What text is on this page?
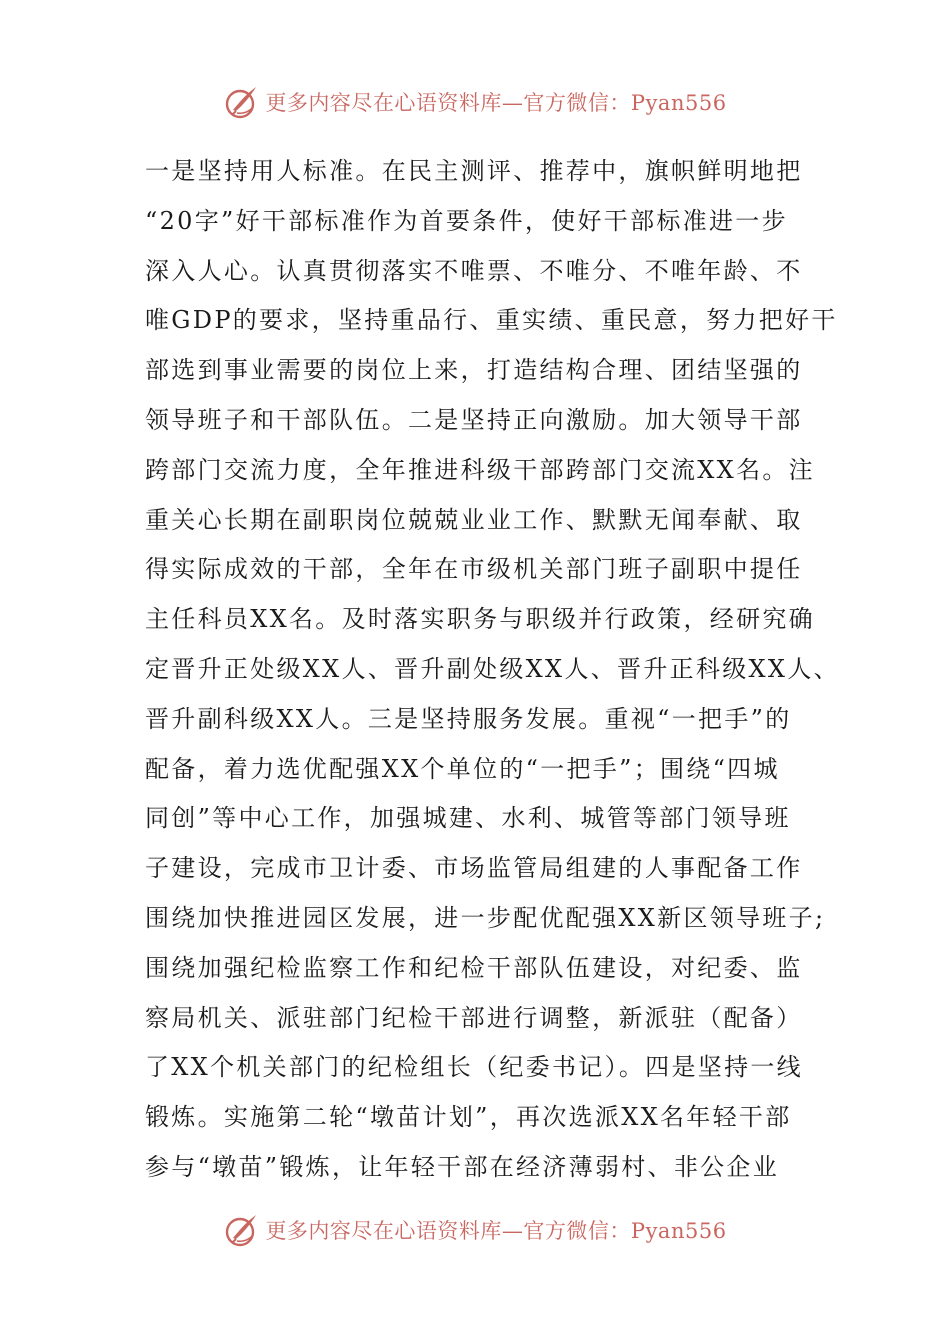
更多内容尽在心语资料库—官方微信：Pyan556
一是坚持用人标准。在民主测评、推荐中，旗帜鲜明地把
“20字”好干部标准作为首要条件，使好干部标准进一步
深入人心。认真贯彻落实不唯票、不唯分、不唯年龄、不
唯GDP的要求，坚持重品行、重实绩、重民意，努力把好干
部选到事业需要的岗位上来，打造结构合理、团结坚强的
领导班子和干部队伍。二是坚持正向激励。加大领导干部
跨部门交流力度，全年推进科级干部跨部门交流XX名。注
重关心长期在副职岗位兢兢业业工作、默默无闻奉献、取
得实际成效的干部，全年在市级机关部门班子副职中提任
主任科员XX名。及时落实职务与职级并行政策，经研究确
定晋升正处级XX人、晋升副处级XX人、晋升正科级XX人、
晋升副科级XX人。三是坚持服务发展。重视“一把手”的
配备，着力选优配强XX个单位的“一把手”；围绕“四城
同创”等中心工作，加强城建、水利、城管等部门领导班
子建设，完成市卫计委、市场监管局组建的人事配备工作
围绕加快推进园区发展，进一步配优配强XX新区领导班子;
围绕加强纪检监察工作和纪检干部队伍建设，对纪委、监
察局机关、派驻部门纪检干部进行调整，新派驻（配备）
了XX个机关部门的纪检组长（纪委书记）。四是坚持一线
锻炼。实施第二轮“墩苗计划”，再次选派XX名年轻干部
参与“墩苗”锻炼，让年轻干部在经济薄弱村、非公企业
更多内容尽在心语资料库—官方微信：Pyan556
